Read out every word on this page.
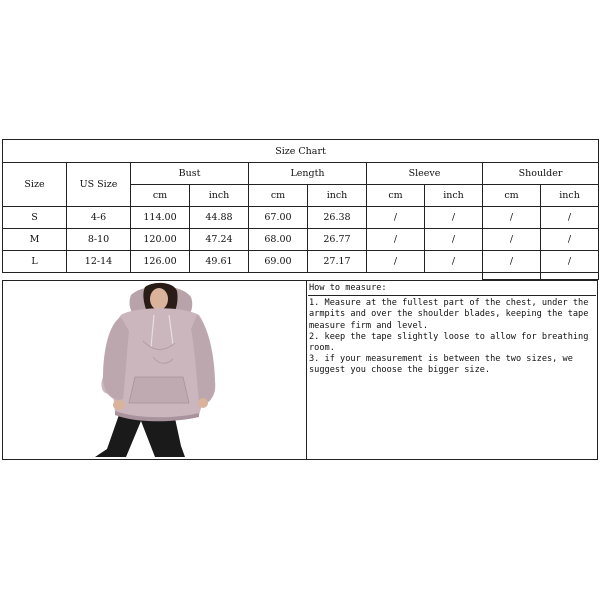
Size Chart									
Size	US Size	Bust		Length		Sleeve		Shoulder	
		cm	inch	cm	inch	cm	inch	cm	inch
S	4-6	114.00	44.88	67.00	26.38	/	/	/	/
M	8-10	120.00	47.24	68.00	26.77	/	/	/	/
L	12-14	126.00	49.61	69.00	27.17	/	/	/	/

How to measure:
1. Measure at the fullest part of the chest, under the armpits and over the shoulder blades, keeping the tape measure firm and level.
2. keep the tape slightly loose to allow for breathing room.
3. if your measurement is between the two sizes, we suggest you choose the bigger size.
